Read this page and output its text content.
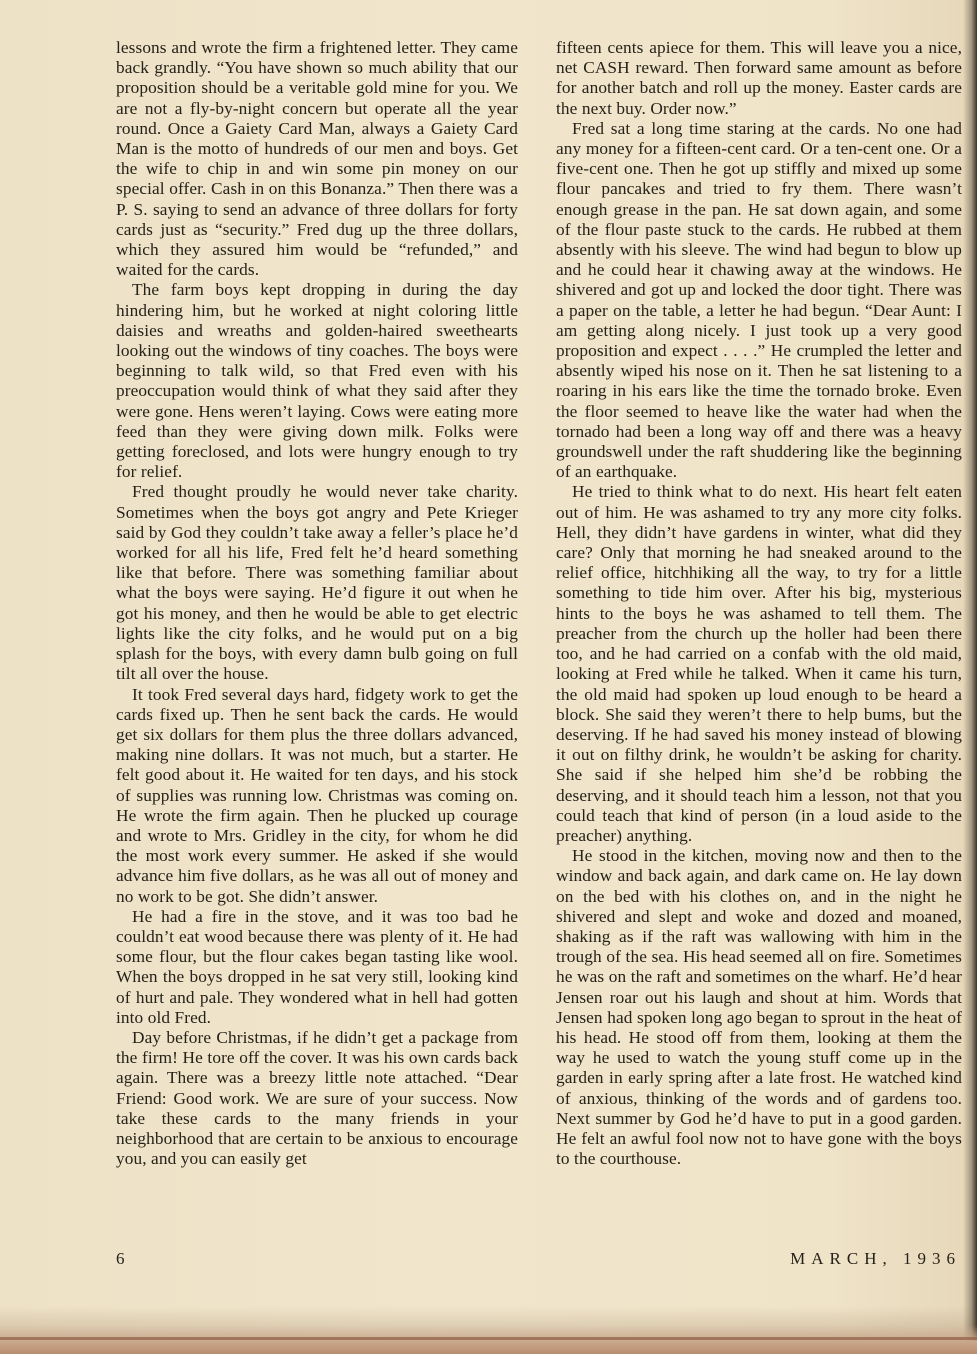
lessons and wrote the firm a frightened letter. They came back grandly. “You have shown so much ability that our proposition should be a veritable gold mine for you. We are not a fly-by-night concern but operate all the year round. Once a Gaiety Card Man, always a Gaiety Card Man is the motto of hundreds of our men and boys. Get the wife to chip in and win some pin money on our special offer. Cash in on this Bonanza.” Then there was a P. S. saying to send an advance of three dollars for forty cards just as “security.” Fred dug up the three dollars, which they assured him would be “refunded,” and waited for the cards.

The farm boys kept dropping in during the day hindering him, but he worked at night coloring little daisies and wreaths and golden-haired sweethearts looking out the windows of tiny coaches. The boys were beginning to talk wild, so that Fred even with his preoccupation would think of what they said after they were gone. Hens weren’t laying. Cows were eating more feed than they were giving down milk. Folks were getting foreclosed, and lots were hungry enough to try for relief.

Fred thought proudly he would never take charity. Sometimes when the boys got angry and Pete Krieger said by God they couldn’t take away a feller’s place he’d worked for all his life, Fred felt he’d heard something like that before. There was something familiar about what the boys were saying. He’d figure it out when he got his money, and then he would be able to get electric lights like the city folks, and he would put on a big splash for the boys, with every damn bulb going on full tilt all over the house.

It took Fred several days hard, fidgety work to get the cards fixed up. Then he sent back the cards. He would get six dollars for them plus the three dollars advanced, making nine dollars. It was not much, but a starter. He felt good about it. He waited for ten days, and his stock of supplies was running low. Christmas was coming on. He wrote the firm again. Then he plucked up courage and wrote to Mrs. Gridley in the city, for whom he did the most work every summer. He asked if she would advance him five dollars, as he was all out of money and no work to be got. She didn’t answer.

He had a fire in the stove, and it was too bad he couldn’t eat wood because there was plenty of it. He had some flour, but the flour cakes began tasting like wool. When the boys dropped in he sat very still, looking kind of hurt and pale. They wondered what in hell had gotten into old Fred.

Day before Christmas, if he didn’t get a package from the firm! He tore off the cover. It was his own cards back again. There was a breezy little note attached. “Dear Friend: Good work. We are sure of your success. Now take these cards to the many friends in your neighborhood that are certain to be anxious to encourage you, and you can easily get

fifteen cents apiece for them. This will leave you a nice, net CASH reward. Then forward same amount as before for another batch and roll up the money. Easter cards are the next buy. Order now.”

Fred sat a long time staring at the cards. No one had any money for a fifteen-cent card. Or a ten-cent one. Or a five-cent one. Then he got up stiffly and mixed up some flour pancakes and tried to fry them. There wasn’t enough grease in the pan. He sat down again, and some of the flour paste stuck to the cards. He rubbed at them absently with his sleeve. The wind had begun to blow up and he could hear it chawing away at the windows. He shivered and got up and locked the door tight. There was a paper on the table, a letter he had begun. “Dear Aunt: I am getting along nicely. I just took up a very good proposition and expect . . . .” He crumpled the letter and absently wiped his nose on it. Then he sat listening to a roaring in his ears like the time the tornado broke. Even the floor seemed to heave like the water had when the tornado had been a long way off and there was a heavy groundswell under the raft shuddering like the beginning of an earthquake.

He tried to think what to do next. His heart felt eaten out of him. He was ashamed to try any more city folks. Hell, they didn’t have gardens in winter, what did they care? Only that morning he had sneaked around to the relief office, hitchhiking all the way, to try for a little something to tide him over. After his big, mysterious hints to the boys he was ashamed to tell them. The preacher from the church up the holler had been there too, and he had carried on a confab with the old maid, looking at Fred while he talked. When it came his turn, the old maid had spoken up loud enough to be heard a block. She said they weren’t there to help bums, but the deserving. If he had saved his money instead of blowing it out on filthy drink, he wouldn’t be asking for charity. She said if she helped him she’d be robbing the deserving, and it should teach him a lesson, not that you could teach that kind of person (in a loud aside to the preacher) anything.

He stood in the kitchen, moving now and then to the window and back again, and dark came on. He lay down on the bed with his clothes on, and in the night he shivered and slept and woke and dozed and moaned, shaking as if the raft was wallowing with him in the trough of the sea. His head seemed all on fire. Sometimes he was on the raft and sometimes on the wharf. He’d hear Jensen roar out his laugh and shout at him. Words that Jensen had spoken long ago began to sprout in the heat of his head. He stood off from them, looking at them the way he used to watch the young stuff come up in the garden in early spring after a late frost. He watched kind of anxious, thinking of the words and of gardens too. Next summer by God he’d have to put in a good garden. He felt an awful fool now not to have gone with the boys to the courthouse.

6	MARCH, 1936
